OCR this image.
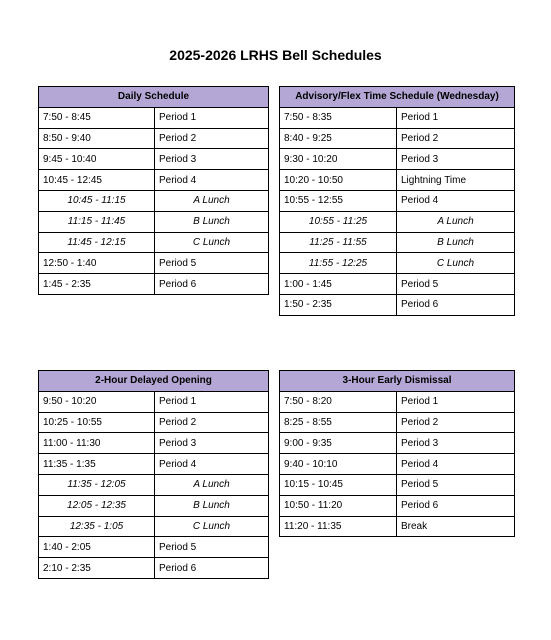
2025-2026 LRHS Bell Schedules
Daily Schedule	
7:50 - 8:45	Period 1
8:50 - 9:40	Period 2
9:45 - 10:40	Period 3
10:45 - 12:45	Period 4
10:45 - 11:15	A Lunch
11:15 - 11:45	B Lunch
11:45 - 12:15	C Lunch
12:50 - 1:40	Period 5
1:45 - 2:35	Period 6
Advisory/Flex Time Schedule (Wednesday)	
7:50 - 8:35	Period 1
8:40 - 9:25	Period 2
9:30 - 10:20	Period 3
10:20 - 10:50	Lightning Time
10:55 - 12:55	Period 4
10:55 - 11:25	A Lunch
11:25 - 11:55	B Lunch
11:55 - 12:25	C Lunch
1:00 - 1:45	Period 5
1:50 - 2:35	Period 6
2-Hour Delayed Opening	
9:50 - 10:20	Period 1
10:25 - 10:55	Period 2
11:00 - 11:30	Period 3
11:35 - 1:35	Period 4
11:35 - 12:05	A Lunch
12:05 - 12:35	B Lunch
12:35 - 1:05	C Lunch
1:40 - 2:05	Period 5
2:10 - 2:35	Period 6
3-Hour Early Dismissal	
7:50 - 8:20	Period 1
8:25 - 8:55	Period 2
9:00 - 9:35	Period 3
9:40 - 10:10	Period 4
10:15 - 10:45	Period 5
10:50 - 11:20	Period 6
11:20 - 11:35	Break
